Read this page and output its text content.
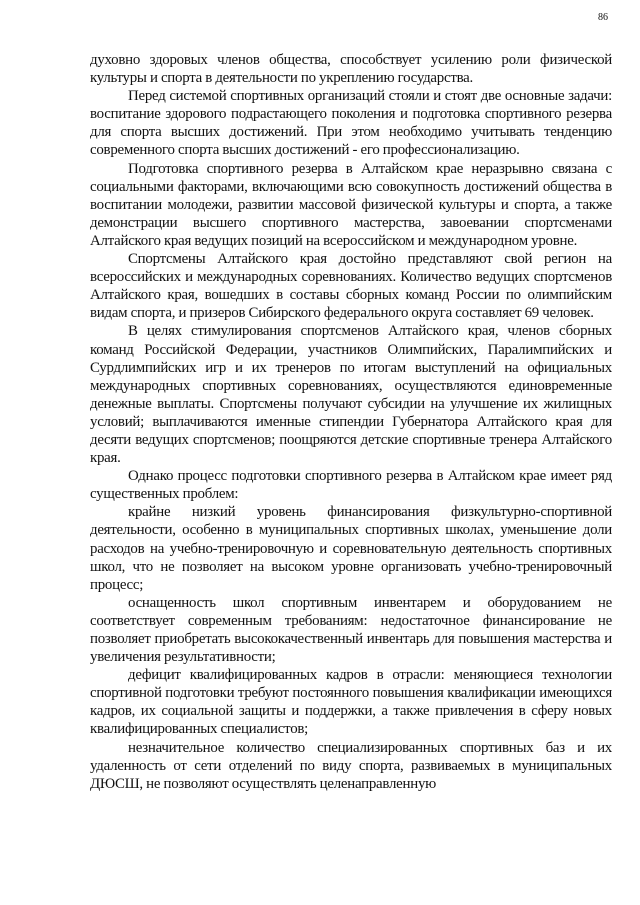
86

духовно здоровых членов общества, способствует усилению роли физической культуры и спорта в деятельности по укреплению государства.

Перед системой спортивных организаций стояли и стоят две основные задачи: воспитание здорового подрастающего поколения и подготовка спортивного резерва для спорта высших достижений. При этом необходимо учитывать тенденцию современного спорта высших достижений - его профессионализацию.

Подготовка спортивного резерва в Алтайском крае неразрывно связана с социальными факторами, включающими всю совокупность достижений общества в воспитании молодежи, развитии массовой физической культуры и спорта, а также демонстрации высшего спортивного мастерства, завоевании спортсменами Алтайского края ведущих позиций на всероссийском и международном уровне.

Спортсмены Алтайского края достойно представляют свой регион на всероссийских и международных соревнованиях. Количество ведущих спортсменов Алтайского края, вошедших в составы сборных команд России по олимпийским видам спорта, и призеров Сибирского федерального округа составляет 69 человек.

В целях стимулирования спортсменов Алтайского края, членов сборных команд Российской Федерации, участников Олимпийских, Паралимпийских и Сурдлимпийских игр и их тренеров по итогам выступлений на официальных международных спортивных соревнованиях, осуществляются единовременные денежные выплаты. Спортсмены получают субсидии на улучшение их жилищных условий; выплачиваются именные стипендии Губернатора Алтайского края для десяти ведущих спортсменов; поощряются детские спортивные тренера Алтайского края.

Однако процесс подготовки спортивного резерва в Алтайском крае имеет ряд существенных проблем:

крайне низкий уровень финансирования физкультурно-спортивной деятельности, особенно в муниципальных спортивных школах, уменьшение доли расходов на учебно-тренировочную и соревновательную деятельность спортивных школ, что не позволяет на высоком уровне организовать учебно-тренировочный процесс;

оснащенность школ спортивным инвентарем и оборудованием не соответствует современным требованиям: недостаточное финансирование не позволяет приобретать высококачественный инвентарь для повышения мастерства и увеличения результативности;

дефицит квалифицированных кадров в отрасли: меняющиеся технологии спортивной подготовки требуют постоянного повышения квалификации имеющихся кадров, их социальной защиты и поддержки, а также привлечения в сферу новых квалифицированных специалистов;

незначительное количество специализированных спортивных баз и их удаленность от сети отделений по виду спорта, развиваемых в муниципальных ДЮСШ, не позволяют осуществлять целенаправленную
